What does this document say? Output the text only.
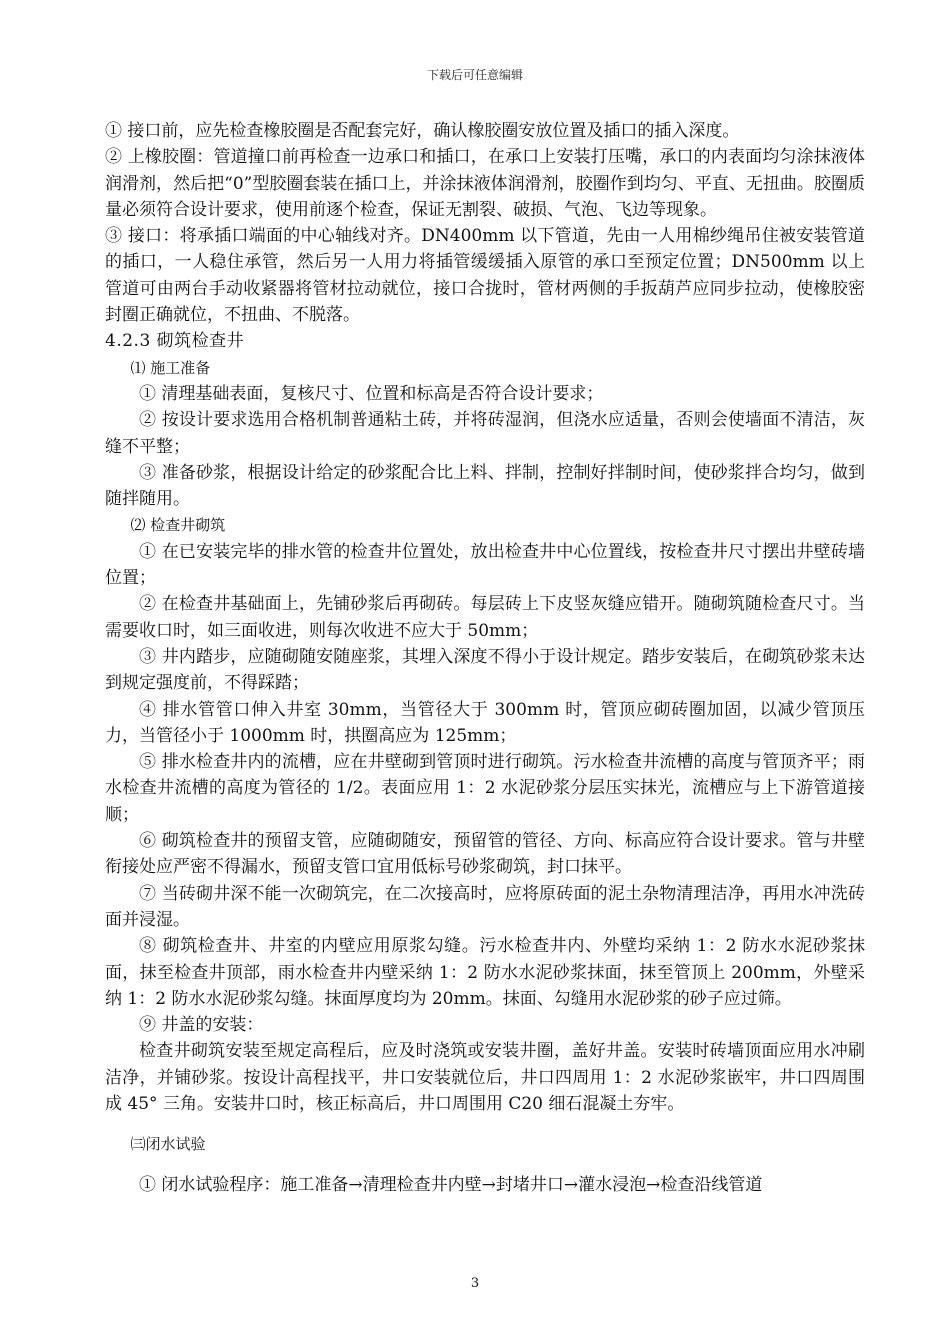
下载后可任意编辑

① 接口前，应先检查橡胶圈是否配套完好，确认橡胶圈安放位置及插口的插入深度。

② 上橡胶圈：管道撞口前再检查一边承口和插口，在承口上安装打压嘴，承口的内表面均匀涂抹液体润滑剂，然后把“0”型胶圈套装在插口上，并涂抹液体润滑剂，胶圈作到均匀、平直、无扭曲。胶圈质量必须符合设计要求，使用前逐个检查，保证无割裂、破损、气泡、飞边等现象。

③ 接口：将承插口端面的中心轴线对齐。DN400mm 以下管道，先由一人用棉纱绳吊住被安装管道的插口，一人稳住承管，然后另一人用力将插管缓缓插入原管的承口至预定位置；DN500mm 以上管道可由两台手动收紧器将管材拉动就位，接口合拢时，管材两侧的手扳葫芦应同步拉动，使橡胶密封圈正确就位，不扭曲、不脱落。

4.2.3 砌筑检查井

⑴ 施工准备

① 清理基础表面，复核尺寸、位置和标高是否符合设计要求；

② 按设计要求选用合格机制普通粘土砖，并将砖湿润，但浇水应适量，否则会使墙面不清洁，灰缝不平整；

③ 准备砂浆，根据设计给定的砂浆配合比上料、拌制，控制好拌制时间，使砂浆拌合均匀，做到随拌随用。

⑵ 检查井砌筑

① 在已安装完毕的排水管的检查井位置处，放出检查井中心位置线，按检查井尺寸摆出井壁砖墙位置；

② 在检查井基础面上，先铺砂浆后再砌砖。每层砖上下皮竖灰缝应错开。随砌筑随检查尺寸。当需要收口时，如三面收进，则每次收进不应大于 50mm；

③ 井内踏步，应随砌随安随座浆，其埋入深度不得小于设计规定。踏步安装后，在砌筑砂浆未达到规定强度前，不得踩踏；

④ 排水管管口伸入井室 30mm，当管径大于 300mm 时，管顶应砌砖圈加固，以减少管顶压力，当管径小于 1000mm 时，拱圈高应为 125mm；

⑤ 排水检查井内的流槽，应在井壁砌到管顶时进行砌筑。污水检查井流槽的高度与管顶齐平；雨水检查井流槽的高度为管径的 1/2。表面应用 1：2 水泥砂浆分层压实抹光，流槽应与上下游管道接顺；

⑥ 砌筑检查井的预留支管，应随砌随安，预留管的管径、方向、标高应符合设计要求。管与井壁衔接处应严密不得漏水，预留支管口宜用低标号砂浆砌筑，封口抹平。

⑦ 当砖砌井深不能一次砌筑完，在二次接高时，应将原砖面的泥土杂物清理洁净，再用水冲洗砖面并浸湿。

⑧ 砌筑检查井、井室的内壁应用原浆勾缝。污水检查井内、外壁均采纳 1：2 防水水泥砂浆抹面，抹至检查井顶部，雨水检查井内壁采纳 1：2 防水水泥砂浆抹面，抹至管顶上 200mm，外壁采纳 1：2 防水水泥砂浆勾缝。抹面厚度均为 20mm。抹面、勾缝用水泥砂浆的砂子应过筛。

⑨ 井盖的安装：

检查井砌筑安装至规定高程后，应及时浇筑或安装井圈，盖好井盖。安装时砖墙顶面应用水冲刷洁净，并铺砂浆。按设计高程找平，井口安装就位后，井口四周用 1：2 水泥砂浆嵌牢，井口四周围成 45° 三角。安装井口时，核正标高后，井口周围用 C20 细石混凝土夯牢。

㈢闭水试验

① 闭水试验程序：施工准备→清理检查井内壁→封堵井口→灌水浸泡→检查沿线管道

3
